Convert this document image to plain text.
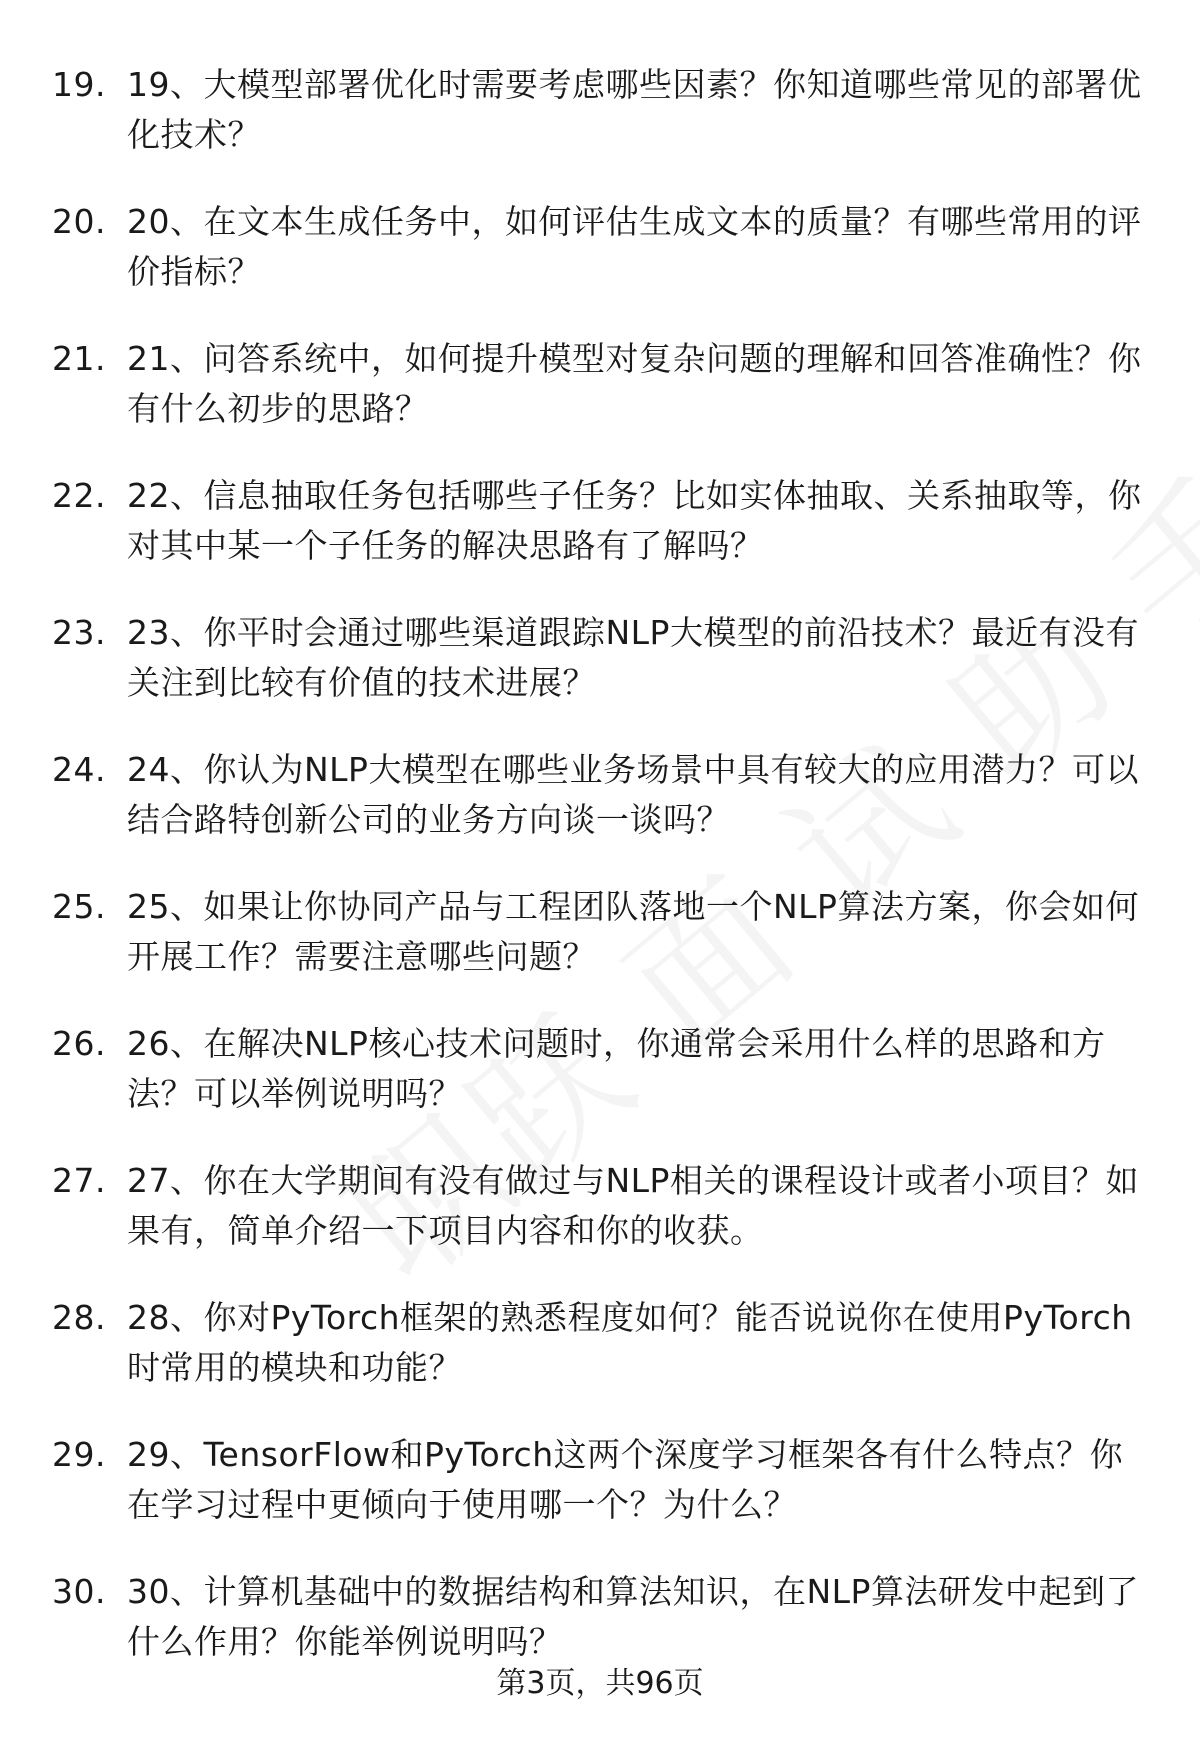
19. 19、大模型部署优化时需要考虑哪些因素？你知道哪些常见的部署优化技术？
20. 20、在文本生成任务中，如何评估生成文本的质量？有哪些常用的评价指标？
21. 21、问答系统中，如何提升模型对复杂问题的理解和回答准确性？你有什么初步的思路？
22. 22、信息抽取任务包括哪些子任务？比如实体抽取、关系抽取等，你对其中某一个子任务的解决思路有了解吗？
23. 23、你平时会通过哪些渠道跟踪NLP大模型的前沿技术？最近有没有关注到比较有价值的技术进展？
24. 24、你认为NLP大模型在哪些业务场景中具有较大的应用潜力？可以结合路特创新公司的业务方向谈一谈吗？
25. 25、如果让你协同产品与工程团队落地一个NLP算法方案，你会如何开展工作？需要注意哪些问题？
26. 26、在解决NLP核心技术问题时，你通常会采用什么样的思路和方法？可以举例说明吗？
27. 27、你在大学期间有没有做过与NLP相关的课程设计或者小项目？如果有，简单介绍一下项目内容和你的收获。
28. 28、你对PyTorch框架的熟悉程度如何？能否说说你在使用PyTorch时常用的模块和功能？
29. 29、TensorFlow和PyTorch这两个深度学习框架各有什么特点？你在学习过程中更倾向于使用哪一个？为什么？
30. 30、计算机基础中的数据结构和算法知识，在NLP算法研发中起到了什么作用？你能举例说明吗？
第3页，共96页
